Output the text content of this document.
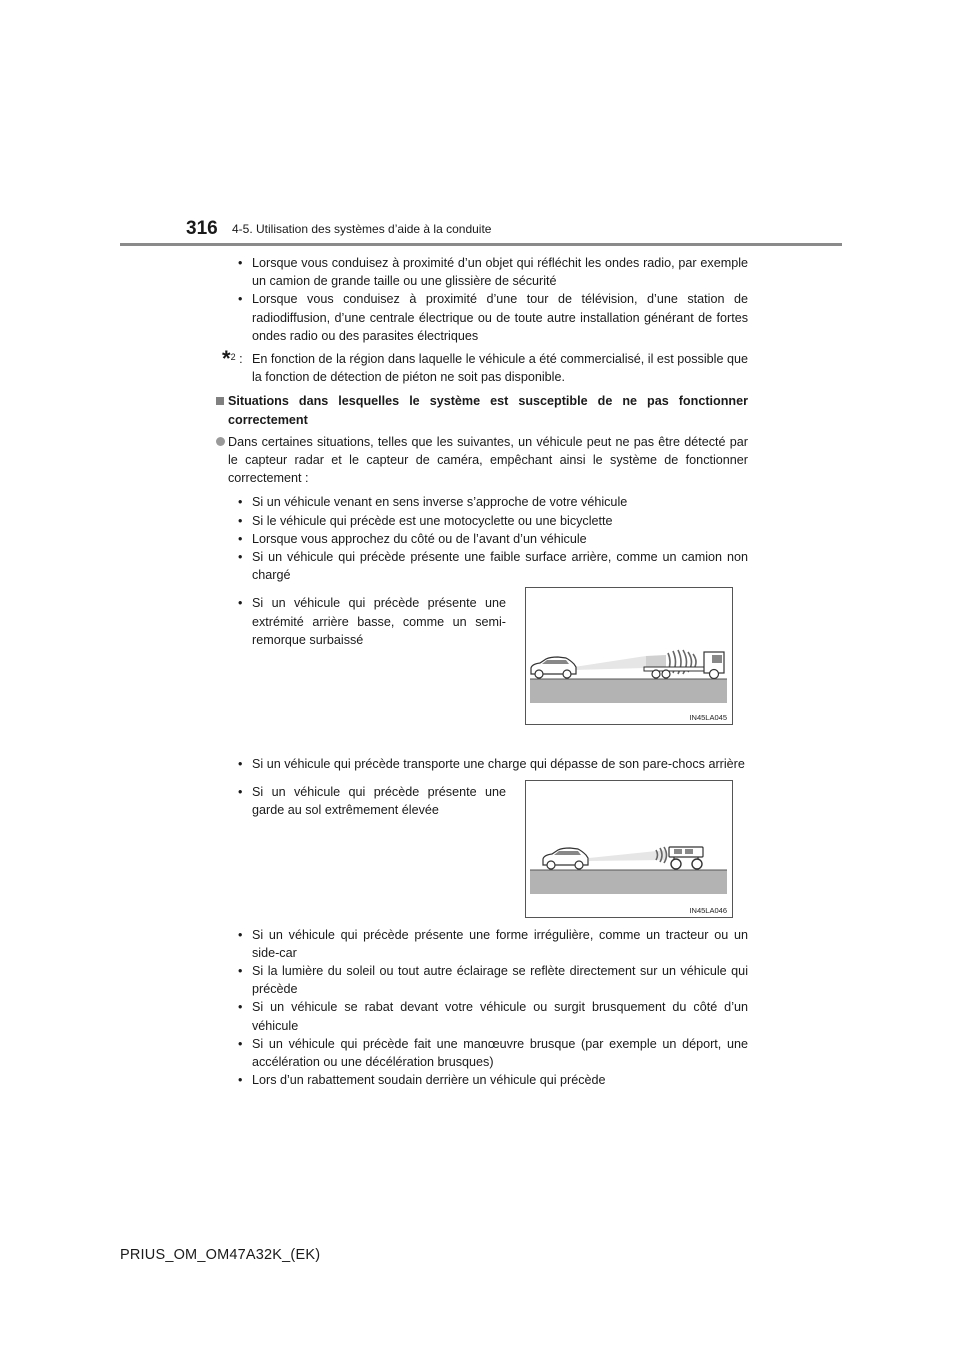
316 4-5. Utilisation des systèmes d’aide à la conduite

• Lorsque vous conduisez à proximité d’un objet qui réfléchit les ondes radio, par exemple un camion de grande taille ou une glissière de sécurité

• Lorsque vous conduisez à proximité d’une tour de télévision, d’une station de radiodiffusion, d’une centrale électrique ou de toute autre installation générant de fortes ondes radio ou des parasites électriques

*$^2$ : En fonction de la région dans laquelle le véhicule a été commercialisé, il est possible que la fonction de détection de piéton ne soit pas disponible.

Situations dans lesquelles le système est susceptible de ne pas fonctionner correctement

Dans certaines situations, telles que les suivantes, un véhicule peut ne pas être détecté par le capteur radar et le capteur de caméra, empêchant ainsi le système de fonctionner correctement :

• Si un véhicule venant en sens inverse s’approche de votre véhicule

• Si le véhicule qui précède est une motocyclette ou une bicyclette

• Lorsque vous approchez du côté ou de l’avant d’un véhicule

• Si un véhicule qui précède présente une faible surface arrière, comme un camion non chargé

• Si un véhicule qui précède présente une extrémité arrière basse, comme un semi-remorque surbaissé

• Si un véhicule qui précède transporte une charge qui dépasse de son pare-chocs arrière

• Si un véhicule qui précède présente une garde au sol extrêmement élevée

• Si un véhicule qui précède présente une forme irrégulière, comme un tracteur ou un side-car

• Si la lumière du soleil ou tout autre éclairage se reflète directement sur un véhicule qui précède

• Si un véhicule se rabat devant votre véhicule ou surgit brusquement du côté d’un véhicule

• Si un véhicule qui précède fait une manœuvre brusque (par exemple un déport, une accélération ou une décélération brusques)

• Lors d’un rabattement soudain derrière un véhicule qui précède

IN45LA045
IN45LA046
PRIUS_OM_OM47A32K_(EK)
